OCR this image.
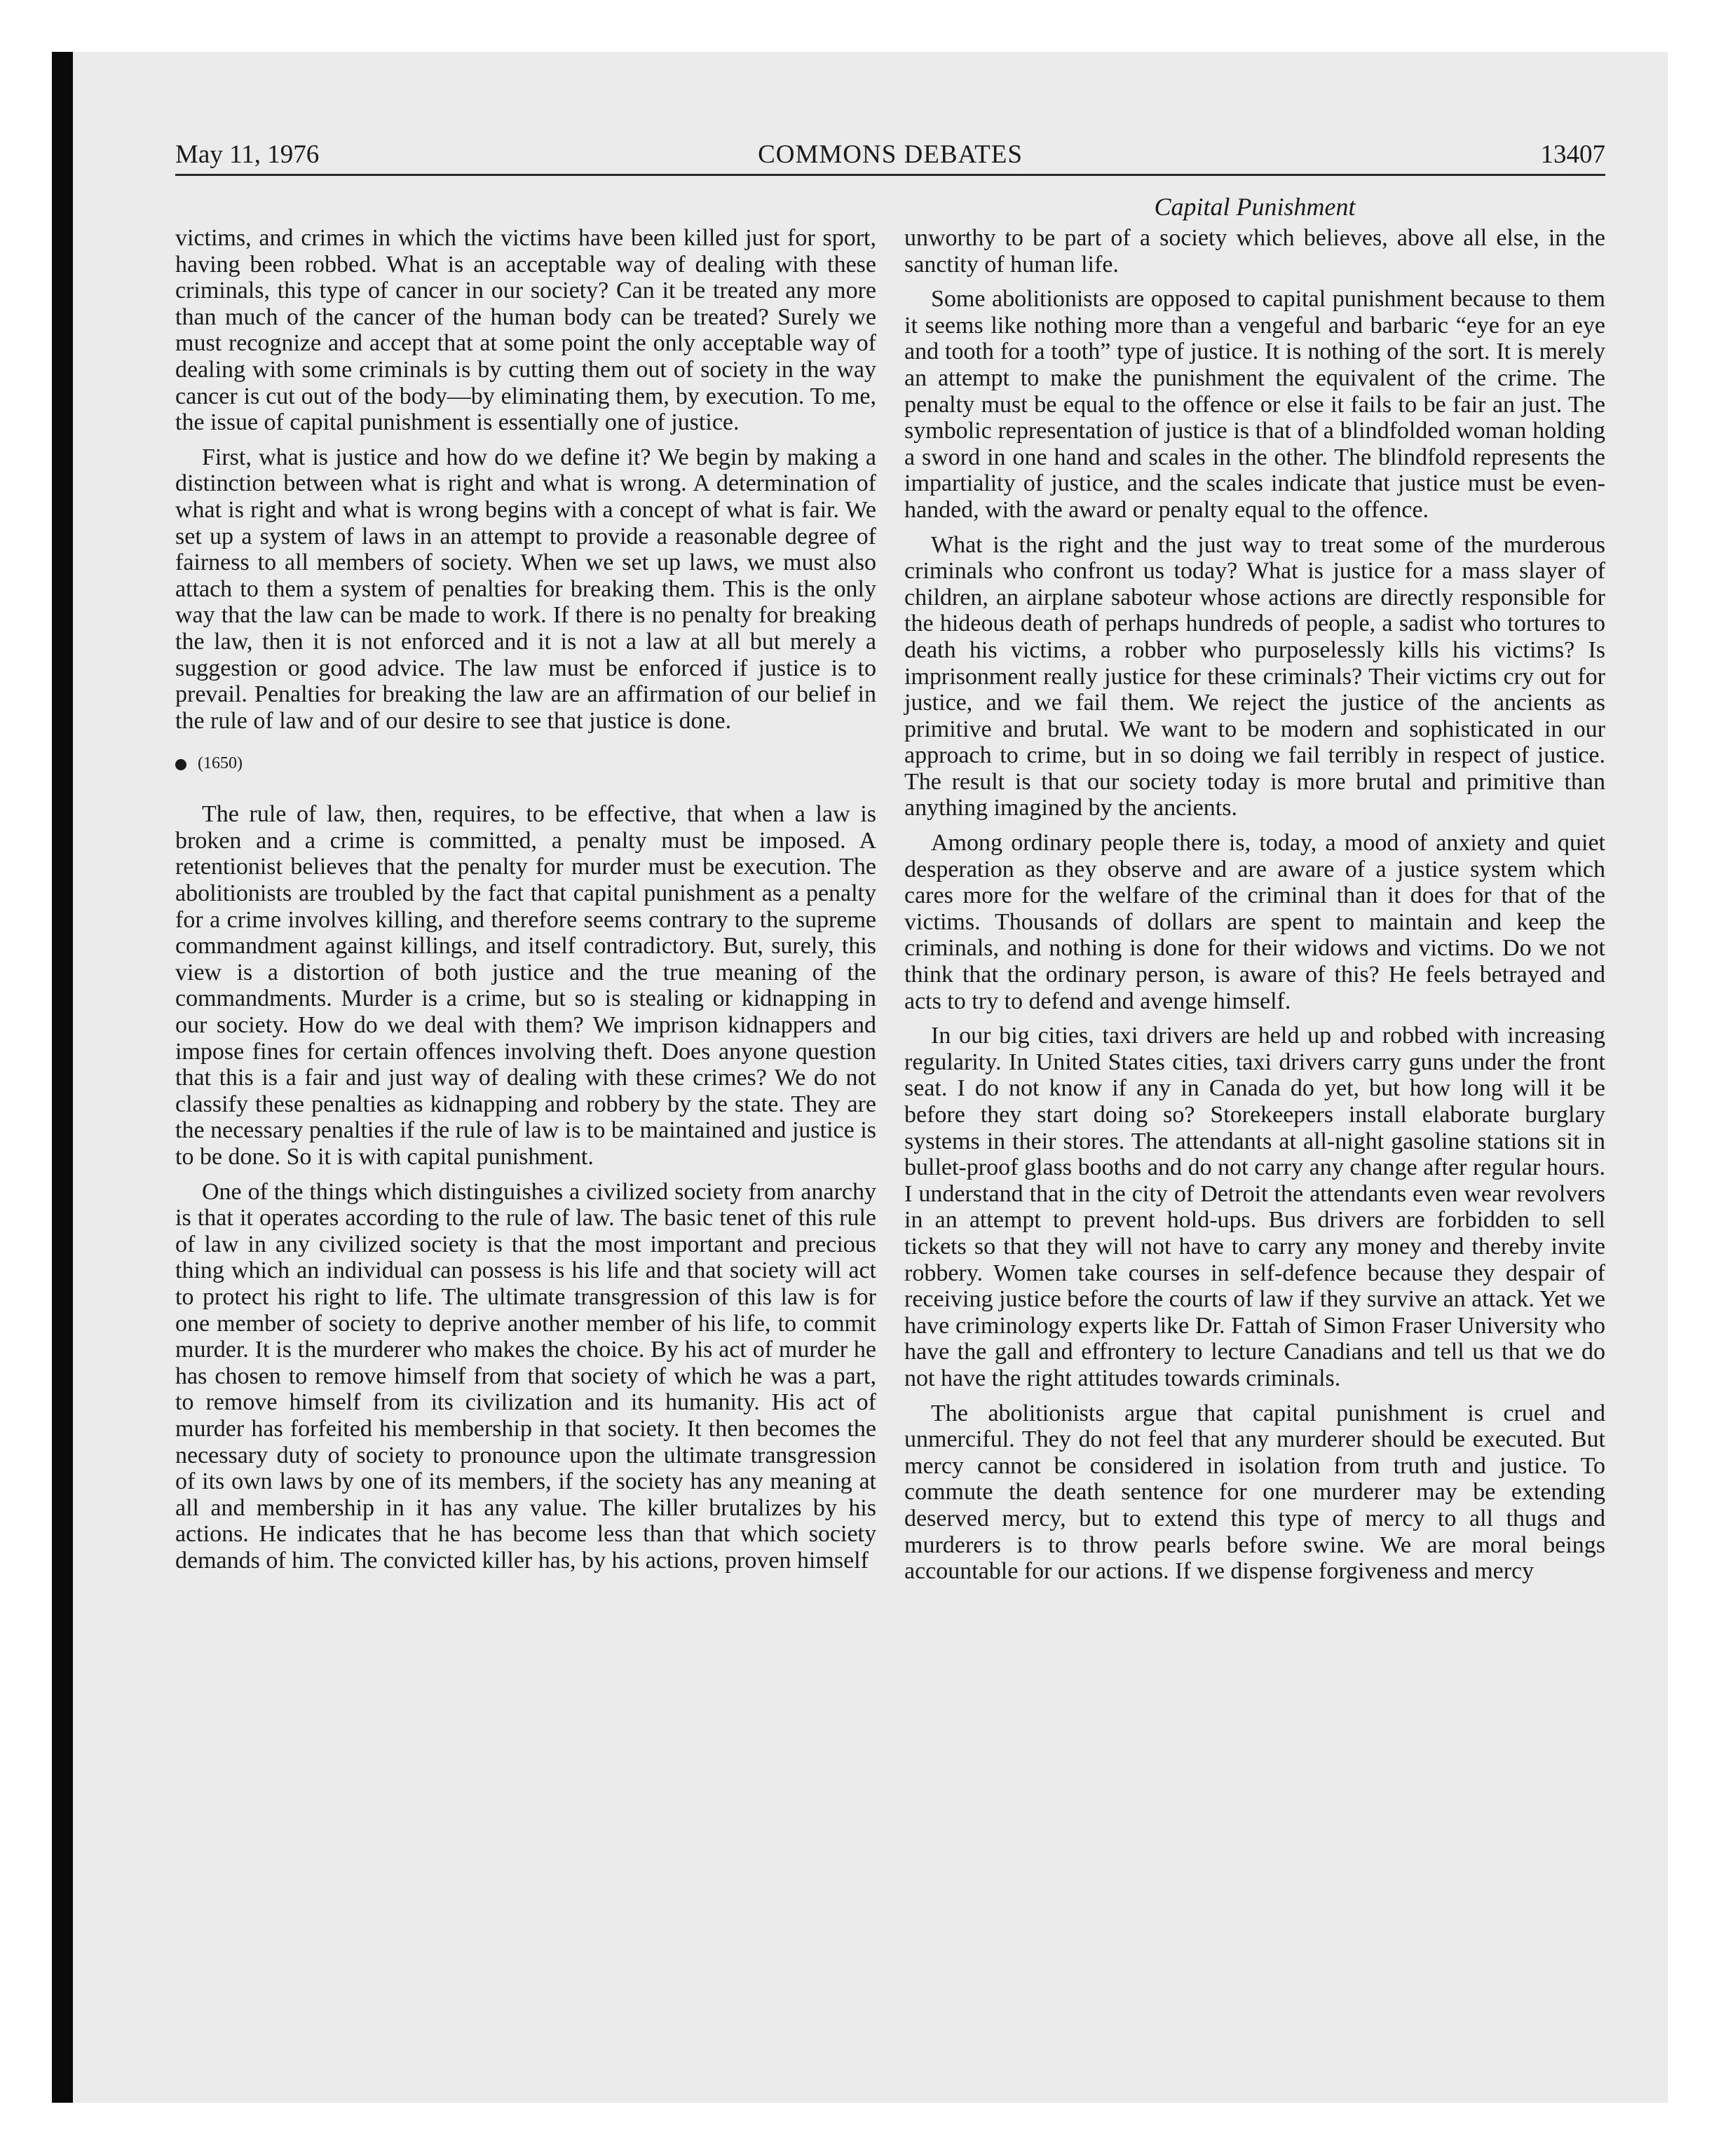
COMMONS DEBATES
May 11, 1976	13407
Capital Punishment

victims, and crimes in which the victims have been killed just for sport, having been robbed. What is an acceptable way of dealing with these criminals, this type of cancer in our society? Can it be treated any more than much of the cancer of the human body can be treated? Surely we must recognize and accept that at some point the only acceptable way of dealing with some criminals is by cutting them out of society in the way cancer is cut out of the body—by eliminating them, by execution. To me, the issue of capital punishment is essentially one of justice.

First, what is justice and how do we define it? We begin by making a distinction between what is right and what is wrong. A determination of what is right and what is wrong begins with a concept of what is fair. We set up a system of laws in an attempt to provide a reasonable degree of fairness to all members of society. When we set up laws, we must also attach to them a system of penalties for breaking them. This is the only way that the law can be made to work. If there is no penalty for breaking the law, then it is not enforced and it is not a law at all but merely a suggestion or good advice. The law must be enforced if justice is to prevail. Penalties for breaking the law are an affirmation of our belief in the rule of law and of our desire to see that justice is done.

(1650)

The rule of law, then, requires, to be effective, that when a law is broken and a crime is committed, a penalty must be imposed. A retentionist believes that the penalty for murder must be execution. The abolitionists are troubled by the fact that capital punishment as a penalty for a crime involves killing, and therefore seems contrary to the supreme commandment against killings, and itself contradictory. But, surely, this view is a distortion of both justice and the true meaning of the commandments. Murder is a crime, but so is stealing or kidnapping in our society. How do we deal with them? We imprison kidnappers and impose fines for certain offences involving theft. Does anyone question that this is a fair and just way of dealing with these crimes? We do not classify these penalties as kidnapping and robbery by the state. They are the necessary penalties if the rule of law is to be maintained and justice is to be done. So it is with capital punishment.

One of the things which distinguishes a civilized society from anarchy is that it operates according to the rule of law. The basic tenet of this rule of law in any civilized society is that the most important and precious thing which an individual can possess is his life and that society will act to protect his right to life. The ultimate transgression of this law is for one member of society to deprive another member of his life, to commit murder. It is the murderer who makes the choice. By his act of murder he has chosen to remove himself from that society of which he was a part, to remove himself from its civilization and its humanity. His act of murder has forfeited his membership in that society. It then becomes the necessary duty of society to pronounce upon the ultimate transgression of its own laws by one of its members, if the society has any meaning at all and membership in it has any value. The killer brutalizes by his actions. He indicates that he has become less than that which society demands of him. The convicted killer has, by his actions, proven himself

unworthy to be part of a society which believes, above all else, in the sanctity of human life.

Some abolitionists are opposed to capital punishment because to them it seems like nothing more than a vengeful and barbaric “eye for an eye and tooth for a tooth” type of justice. It is nothing of the sort. It is merely an attempt to make the punishment the equivalent of the crime. The penalty must be equal to the offence or else it fails to be fair an just. The symbolic representation of justice is that of a blindfolded woman holding a sword in one hand and scales in the other. The blindfold represents the impartiality of justice, and the scales indicate that justice must be even-handed, with the award or penalty equal to the offence.

What is the right and the just way to treat some of the murderous criminals who confront us today? What is justice for a mass slayer of children, an airplane saboteur whose actions are directly responsible for the hideous death of perhaps hundreds of people, a sadist who tortures to death his victims, a robber who purposelessly kills his victims? Is imprisonment really justice for these criminals? Their victims cry out for justice, and we fail them. We reject the justice of the ancients as primitive and brutal. We want to be modern and sophisticated in our approach to crime, but in so doing we fail terribly in respect of justice. The result is that our society today is more brutal and primitive than anything imagined by the ancients.

Among ordinary people there is, today, a mood of anxiety and quiet desperation as they observe and are aware of a justice system which cares more for the welfare of the criminal than it does for that of the victims. Thousands of dollars are spent to maintain and keep the criminals, and nothing is done for their widows and victims. Do we not think that the ordinary person, is aware of this? He feels betrayed and acts to try to defend and avenge himself.

In our big cities, taxi drivers are held up and robbed with increasing regularity. In United States cities, taxi drivers carry guns under the front seat. I do not know if any in Canada do yet, but how long will it be before they start doing so? Storekeepers install elaborate burglary systems in their stores. The attendants at all-night gasoline stations sit in bullet-proof glass booths and do not carry any change after regular hours. I understand that in the city of Detroit the attendants even wear revolvers in an attempt to prevent hold-ups. Bus drivers are forbidden to sell tickets so that they will not have to carry any money and thereby invite robbery. Women take courses in self-defence because they despair of receiving justice before the courts of law if they survive an attack. Yet we have criminology experts like Dr. Fattah of Simon Fraser University who have the gall and effrontery to lecture Canadians and tell us that we do not have the right attitudes towards criminals.

The abolitionists argue that capital punishment is cruel and unmerciful. They do not feel that any murderer should be executed. But mercy cannot be considered in isolation from truth and justice. To commute the death sentence for one murderer may be extending deserved mercy, but to extend this type of mercy to all thugs and murderers is to throw pearls before swine. We are moral beings accountable for our actions. If we dispense forgiveness and mercy
